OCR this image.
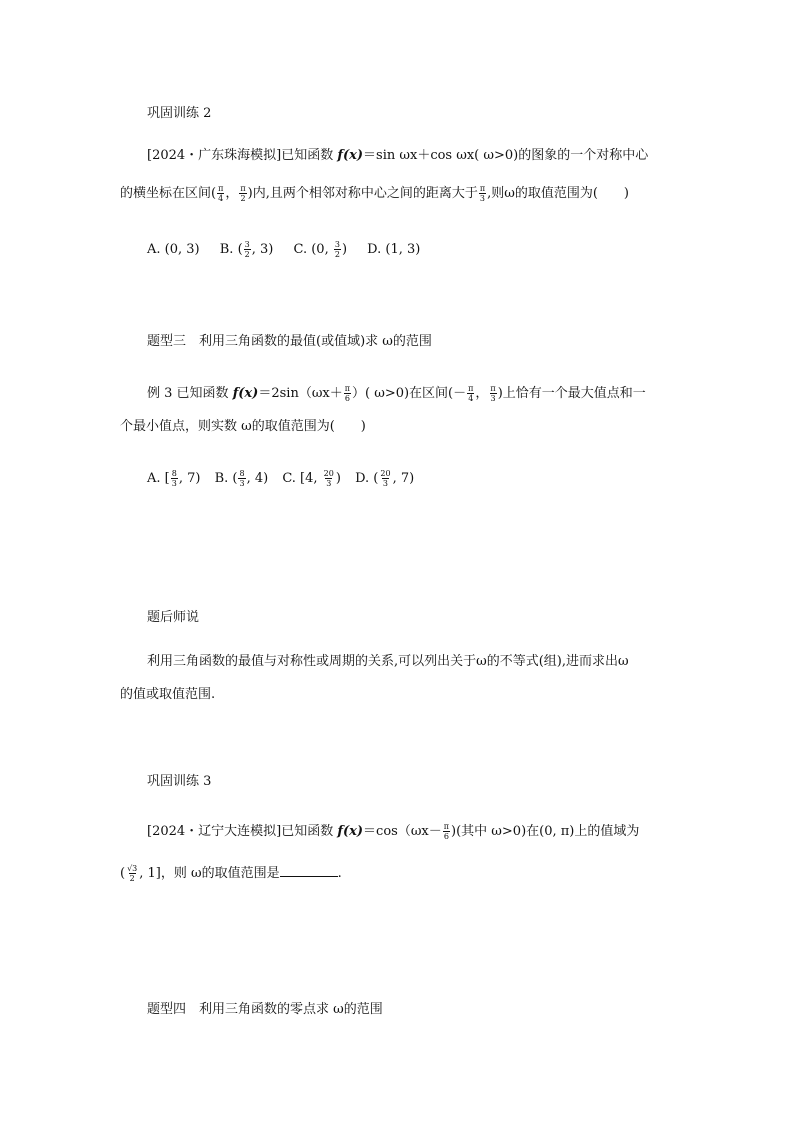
巩固训练 2
[2024・广东珠海模拟]已知函数 f(x)＝sin ωx＋cos ωx( ω>0)的图象的一个对称中心
的横坐标在区间( $\frac{\pi}{4}$ ， $\frac{\pi}{2}$ )内,且两个相邻对称中心之间的距离大于 $\frac{\pi}{3}$ ,则ω的取值范围为(　　)
A. (0, 3) B. ( $\frac{3}{2}$ , 3) C. (0, $\frac{3}{2}$ ) D. (1, 3)
题型三　利用三角函数的最值(或值域)求 ω的范围
例 3 已知函数 $f(x)=2\sin(\omega x+ \frac{\pi}{6}$ ）( ω>0)在区间(－ $\frac{\pi}{4}$ ， $\frac{\pi}{3}$ )上恰有一个最大值点和一
个最小值点，则实数 ω的取值范围为(　　)
A. [ $\frac{8}{3}$ , 7) B. ( $\frac{8}{3}$ , 4) C. [4, $\frac{20}{3}$ ) D. ( $\frac{20}{3}$ , 7)
题后师说
利用三角函数的最值与对称性或周期的关系,可以列出关于ω的不等式(组),进而求出ω
的值或取值范围.
巩固训练 3
[2024・辽宁大连模拟]已知函数 $f(x)=\cos(\omega x- \frac{\pi}{6}$ )(其中 ω>0)在(0, π)上的值域为
( $\frac{√3}{2}$ , 1]，则 ω的取值范围是	.
题型四　利用三角函数的零点求 ω的范围
